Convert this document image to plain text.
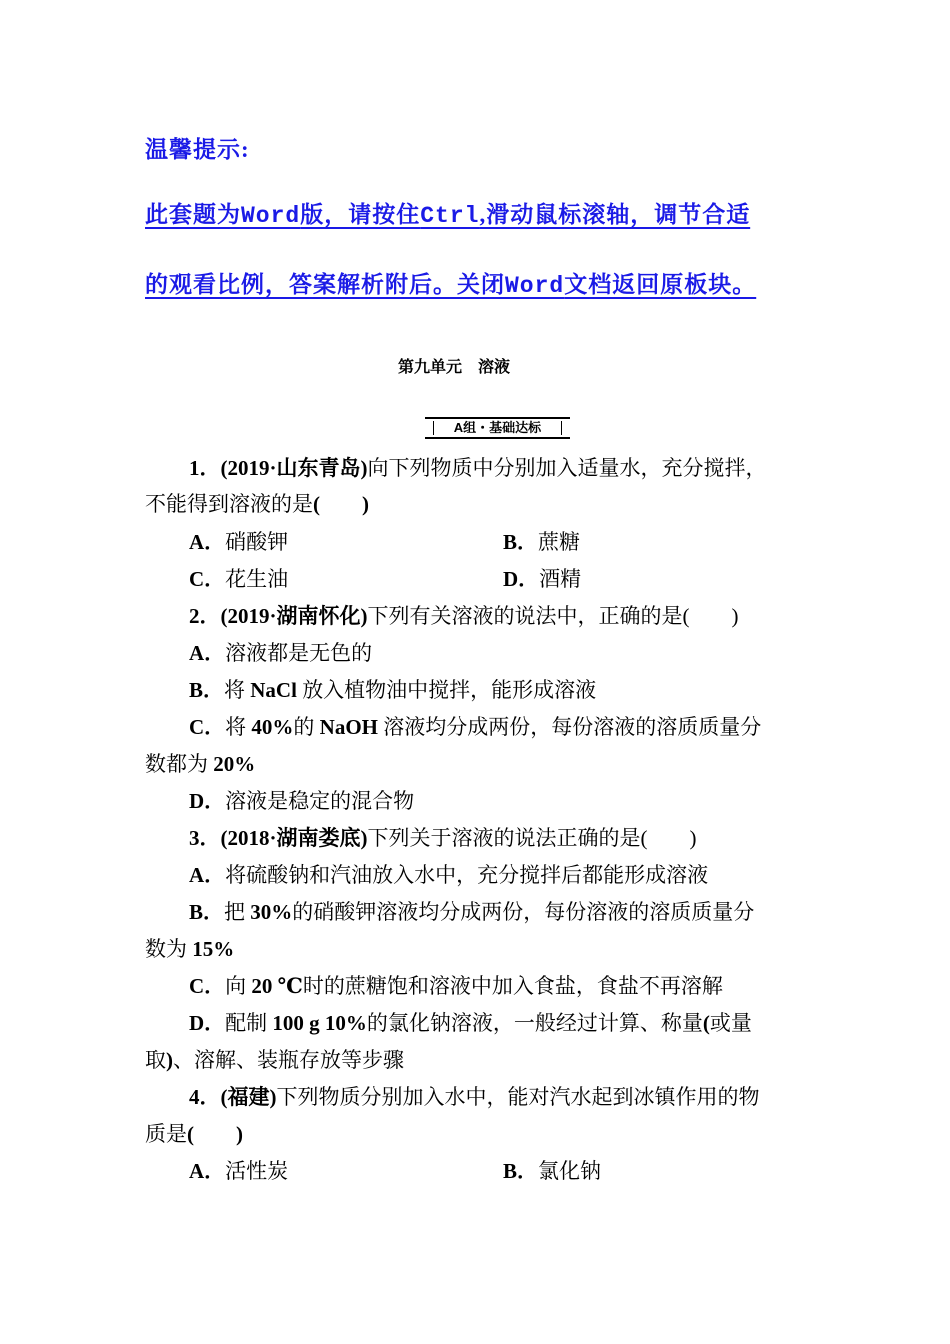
温馨提示:
此套题为Word版，请按住Ctrl,滑动鼠标滚轴，调节合适
的观看比例，答案解析附后。关闭Word文档返回原板块。
第九单元    溶液
A组・基础达标
1．(2019·山东青岛)向下列物质中分别加入适量水，充分搅拌，
不能得到溶液的是(　　 )
A．硝酸钾	B．蔗糖
C．花生油	D．酒精
2．(2019·湖南怀化)下列有关溶液的说法中，正确的是(　　)
A．溶液都是无色的
B．将 NaCl 放入植物油中搅拌，能形成溶液
C．将 40%的 NaOH 溶液均分成两份，每份溶液的溶质质量分
数都为 20%
D．溶液是稳定的混合物
3．(2018·湖南娄底)下列关于溶液的说法正确的是(　　)
A．将硫酸钠和汽油放入水中，充分搅拌后都能形成溶液
B．把 30%的硝酸钾溶液均分成两份，每份溶液的溶质质量分
数为 15%
C．向 20 ℃时的蔗糖饱和溶液中加入食盐，食盐不再溶解
D．配制 100 g 10%的氯化钠溶液，一般经过计算、称量(或量
取)、溶解、装瓶存放等步骤
4．(福建)下列物质分别加入水中，能对汽水起到冰镇作用的物
质是(　　 )
A．活性炭	B．氯化钠
